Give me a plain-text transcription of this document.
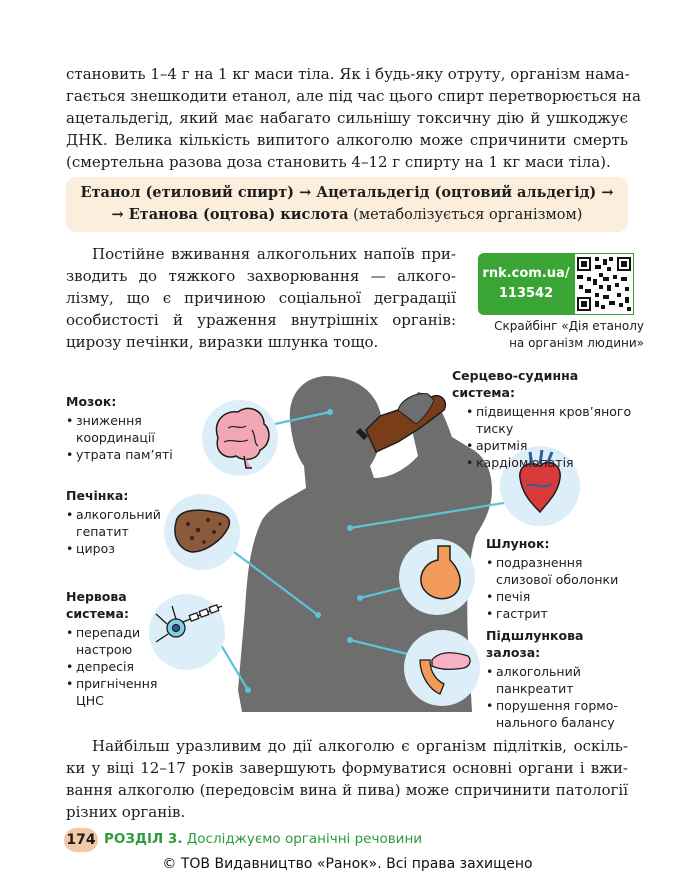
становить 1–4 г на 1 кг маси тіла. Як і будь-яку отруту, організм нама-
гається знешкодити етанол, але під час цього спирт перетворюється на
ацетальдегід, який має набагато сильнішу токсичну дію й ушкоджує
ДНК. Велика кількість випитого алкоголю може спричинити смерть
(смертельна разова доза становить 4–12 г спирту на 1 кг маси тіла).
Етанол (етиловий спирт) → Ацетальдегід (оцтовий альдегід) →
→ Етанова (оцтова) кислота (метаболізується організмом)
Постійне вживання алкогольних напоїв при-
зводить до тяжкого захворювання — алкого-
лізму, що є причиною соціальної деградації
особистості й ураження внутрішніх органів:
цирозу печінки, виразки шлунка тощо.
rnk.com.ua/
113542
Скрайбінг «Дія етанолу
на організм людини»
Мозок:
• зниження координації
• утрата пам’яті
Печінка:
• алкогольний гепатит
• цироз
Нервова система:
• перепади настрою
• депресія
• пригнічення ЦНС
Серцево-судинна система:
• підвищення кров’яного тиску
• аритмія
• кардіоміопатія
Шлунок:
• подразнення слизової оболонки
• печія
• гастрит
Підшлункова залоза:
• алкогольний панкреатит
• порушення гормо-нального балансу
Найбільш уразливим до дії алкоголю є організм підлітків, оскіль-
ки у віці 12–17 років завершують формуватися основні органи і вжи-
вання алкоголю (передовсім вина й пива) може спричинити патології
різних органів.
174 РОЗДІЛ 3. Досліджуємо органічні речовини
© ТОВ Видавництво «Ранок». Всі права захищено
